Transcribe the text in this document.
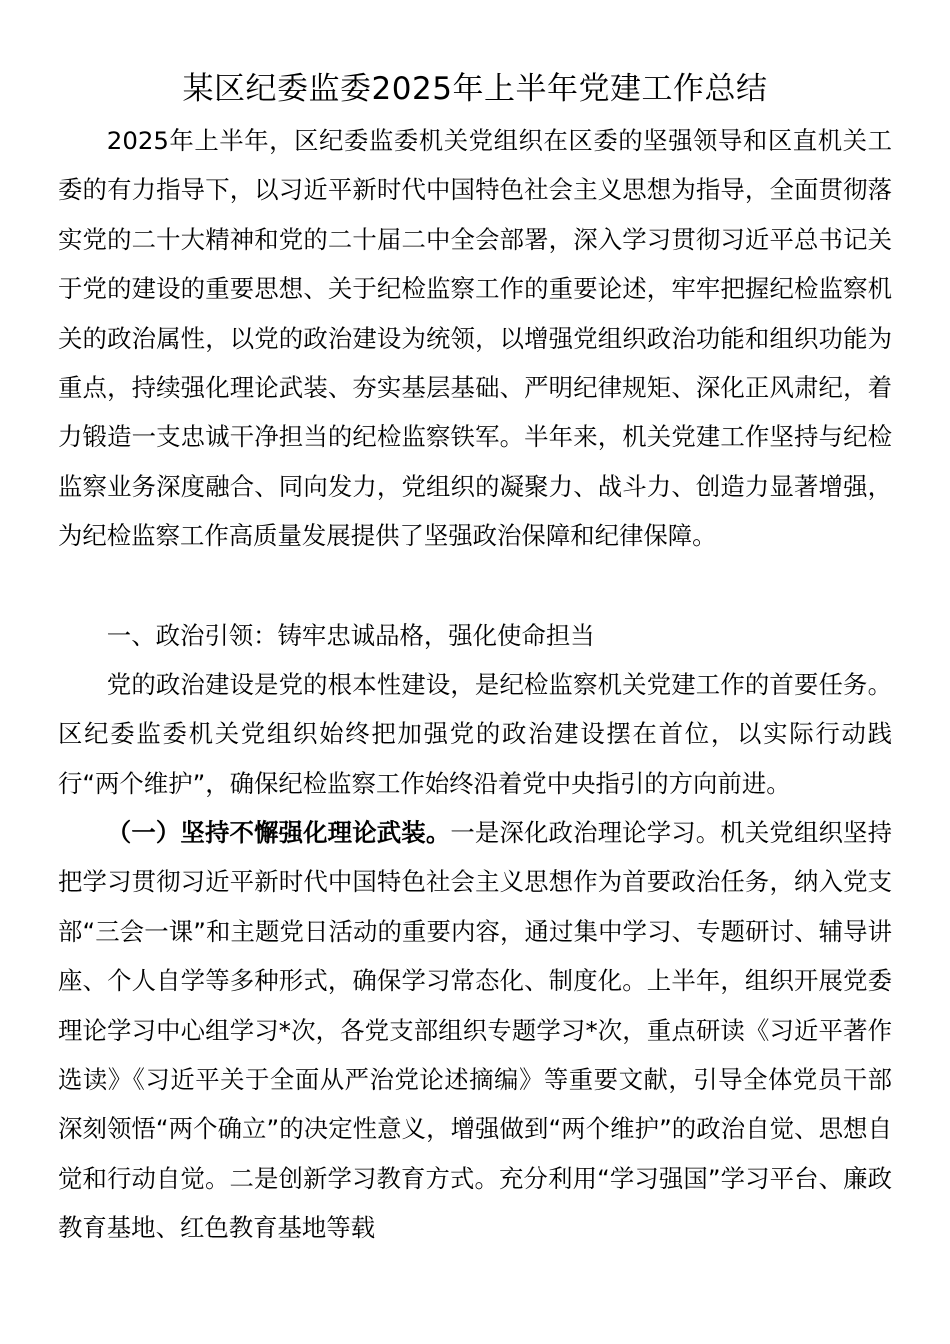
某区纪委监委2025年上半年党建工作总结

2025年上半年，区纪委监委机关党组织在区委的坚强领导和区直机关工委的有力指导下，以习近平新时代中国特色社会主义思想为指导，全面贯彻落实党的二十大精神和党的二十届二中全会部署，深入学习贯彻习近平总书记关于党的建设的重要思想、关于纪检监察工作的重要论述，牢牢把握纪检监察机关的政治属性，以党的政治建设为统领，以增强党组织政治功能和组织功能为重点，持续强化理论武装、夯实基层基础、严明纪律规矩、深化正风肃纪，着力锻造一支忠诚干净担当的纪检监察铁军。半年来，机关党建工作坚持与纪检监察业务深度融合、同向发力，党组织的凝聚力、战斗力、创造力显著增强，为纪检监察工作高质量发展提供了坚强政治保障和纪律保障。

一、政治引领：铸牢忠诚品格，强化使命担当

党的政治建设是党的根本性建设，是纪检监察机关党建工作的首要任务。区纪委监委机关党组织始终把加强党的政治建设摆在首位，以实际行动践行“两个维护”，确保纪检监察工作始终沿着党中央指引的方向前进。

（一）坚持不懈强化理论武装。一是深化政治理论学习。机关党组织坚持把学习贯彻习近平新时代中国特色社会主义思想作为首要政治任务，纳入党支部“三会一课”和主题党日活动的重要内容，通过集中学习、专题研讨、辅导讲座、个人自学等多种形式，确保学习常态化、制度化。上半年，组织开展党委理论学习中心组学习*次，各党支部组织专题学习*次，重点研读《习近平著作选读》《习近平关于全面从严治党论述摘编》等重要文献，引导全体党员干部深刻领悟“两个确立”的决定性意义，增强做到“两个维护”的政治自觉、思想自觉和行动自觉。二是创新学习教育方式。充分利用“学习强国”学习平台、廉政教育基地、红色教育基地等载
